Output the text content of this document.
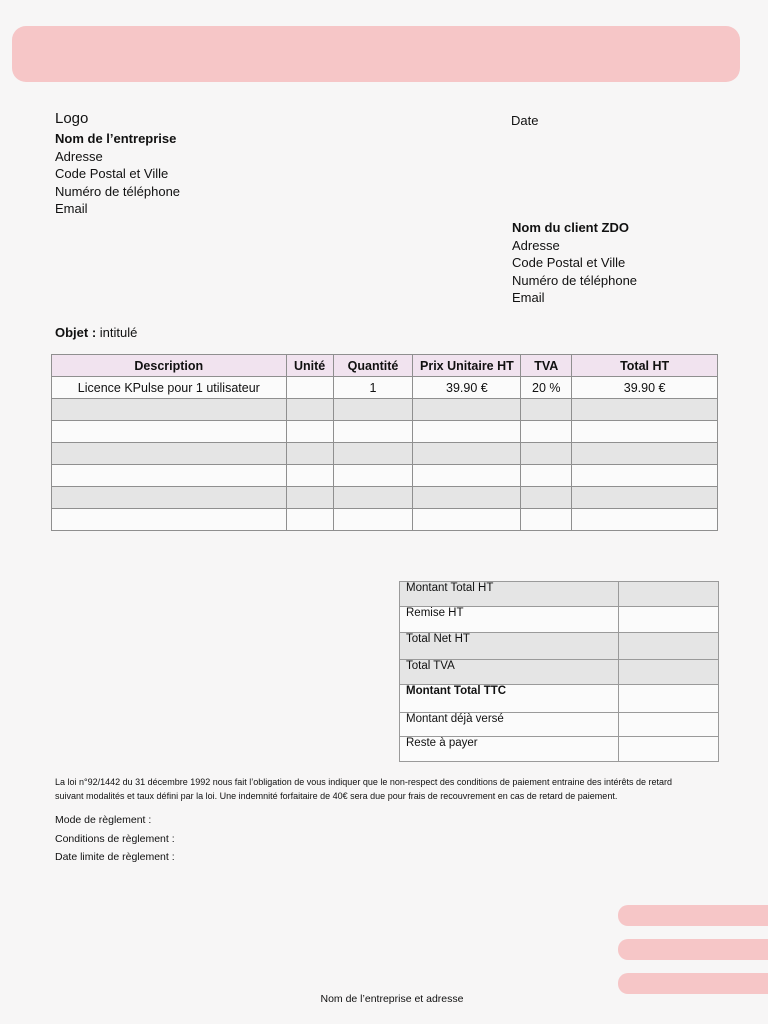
Logo	Date
Nom de l’entreprise
Adresse
Code Postal et Ville
Numéro de téléphone
Email
Nom du client ZDO
Adresse
Code Postal et Ville
Numéro de téléphone
Email
Objet : intitulé
Description	Unité	Quantité	Prix Unitaire HT	TVA	Total HT
Licence KPulse pour 1 utilisateur		1	39.90 €	20 %	39.90 €

Montant Total HT	
Remise HT	
Total Net HT	
Total TVA	
Montant Total TTC	
Montant déjà versé	
Reste à payer	
La loi n°92/1442 du 31 décembre 1992 nous fait l’obligation de vous indiquer que le non-respect des conditions de paiement entraine des intérêts de retard suivant modalités et taux défini par la loi. Une indemnité forfaitaire de 40€ sera due pour frais de recouvrement en cas de retard de paiement.
Mode de règlement :
Conditions de règlement :
Date limite de règlement :
Nom de l’entreprise et adresse
